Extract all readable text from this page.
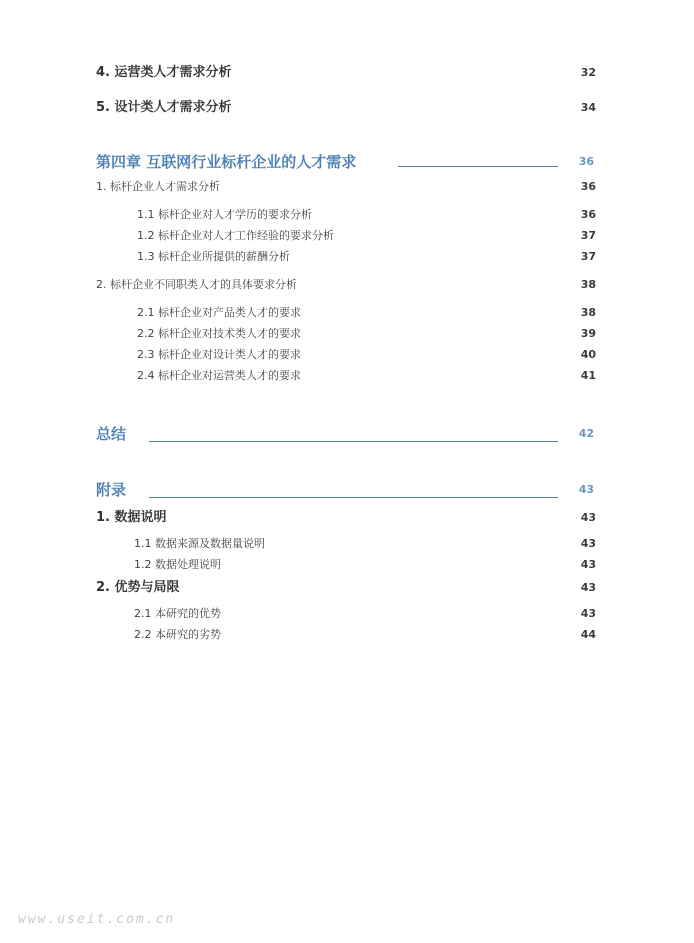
4. 运营类人才需求分析	32
5. 设计类人才需求分析	34
第四章 互联网行业标杆企业的人才需求	36
1. 标杆企业人才需求分析	36
1.1 标杆企业对人才学历的要求分析	36
1.2 标杆企业对人才工作经验的要求分析	37
1.3 标杆企业所提供的薪酬分析	37
2. 标杆企业不同职类人才的具体要求分析	38
2.1 标杆企业对产品类人才的要求	38
2.2 标杆企业对技术类人才的要求	39
2.3 标杆企业对设计类人才的要求	40
2.4 标杆企业对运营类人才的要求	41
总结	42
附录	43
1. 数据说明	43
1.1 数据来源及数据量说明	43
1.2 数据处理说明	43
2. 优势与局限	43
2.1 本研究的优势	43
2.2 本研究的劣势	44
www.useit.com.cn
